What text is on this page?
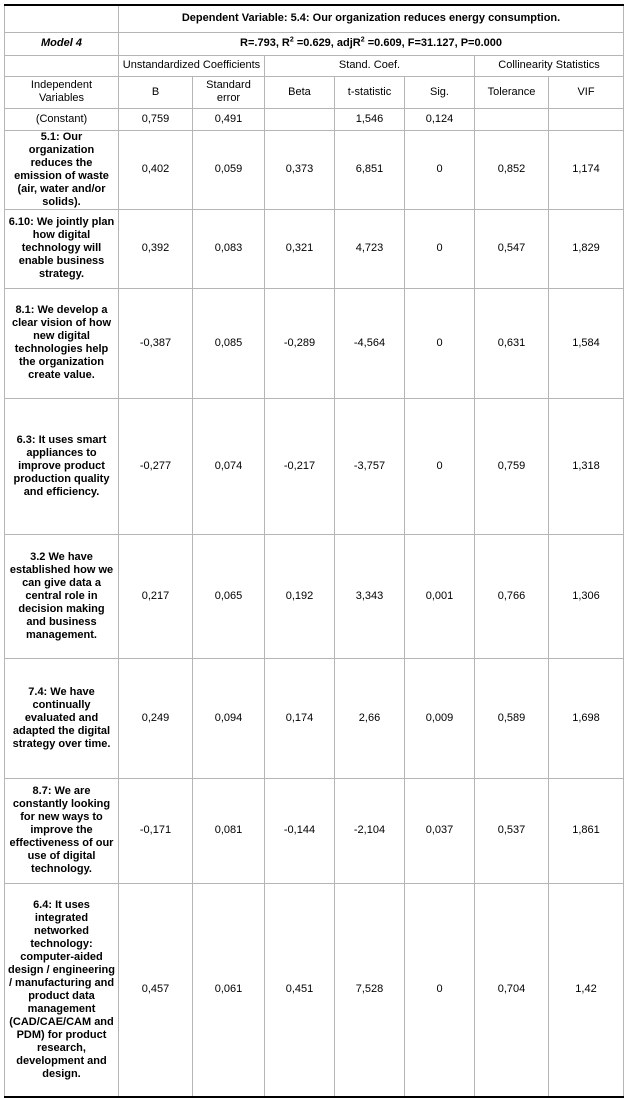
	Dependent Variable: 5.4: Our organization reduces energy consumption.						
Model 4	R=.793, $R^2 =0.629$, adjR$^2$ =0.609, F=31.127, P=0.000						
	Unstandardized Coefficients		Stand. Coef.			Collinearity Statistics	
Independent Variables	B	Standard error	Beta	t-statistic	Sig.	Tolerance	VIF
(Constant)	0,759	0,491		1,546	0,124		
5.1: Our organization reduces the emission of waste (air, water and/or solids).	0,402	0,059	0,373	6,851	0	0,852	1,174
6.10: We jointly plan how digital technology will enable business strategy.	0,392	0,083	0,321	4,723	0	0,547	1,829
8.1: We develop a clear vision of how new digital technologies help the organization create value.	-0,387	0,085	-0,289	-4,564	0	0,631	1,584
6.3: It uses smart appliances to improve product production quality and efficiency.	-0,277	0,074	-0,217	-3,757	0	0,759	1,318
3.2 We have established how we can give data a central role in decision making and business management.	0,217	0,065	0,192	3,343	0,001	0,766	1,306
7.4: We have continually evaluated and adapted the digital strategy over time.	0,249	0,094	0,174	2,66	0,009	0,589	1,698
8.7: We are constantly looking for new ways to improve the effectiveness of our use of digital technology.	-0,171	0,081	-0,144	-2,104	0,037	0,537	1,861
6.4: It uses integrated networked technology: computer-aided design / engineering / manufacturing and product data management (CAD/CAE/CAM and PDM) for product research, development and design.	0,457	0,061	0,451	7,528	0	0,704	1,42
